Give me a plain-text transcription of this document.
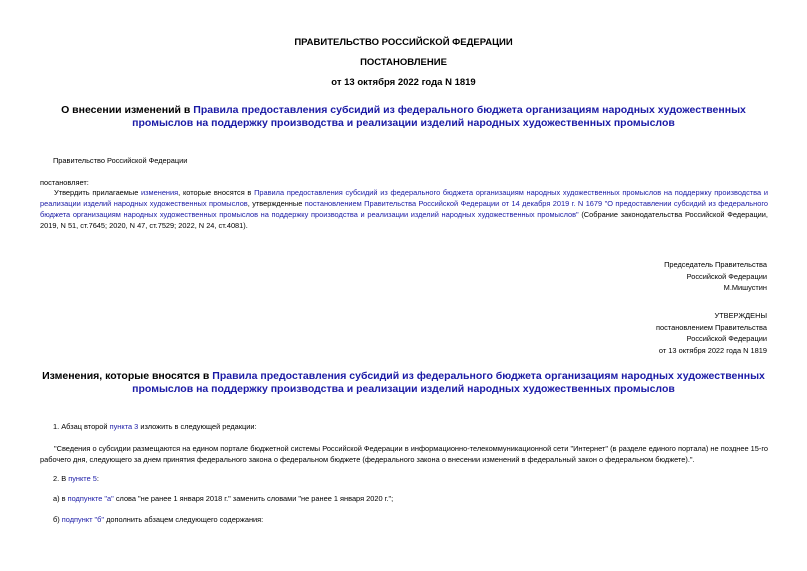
ПРАВИТЕЛЬСТВО РОССИЙСКОЙ ФЕДЕРАЦИИ
ПОСТАНОВЛЕНИЕ
от 13 октября 2022 года N 1819
О внесении изменений в Правила предоставления субсидий из федерального бюджета организациям народных художественных промыслов на поддержку производства и реализации изделий народных художественных промыслов
Правительство Российской Федерации
постановляет:
Утвердить прилагаемые изменения, которые вносятся в Правила предоставления субсидий из федерального бюджета организациям народных художественных промыслов на поддержку производства и реализации изделий народных художественных промыслов, утвержденные постановлением Правительства Российской Федерации от 14 декабря 2019 г. N 1679 "О предоставлении субсидий из федерального бюджета организациям народных художественных промыслов на поддержку производства и реализации изделий народных художественных промыслов" (Собрание законодательства Российской Федерации, 2019, N 51, ст.7645; 2020, N 47, ст.7529; 2022, N 24, ст.4081).
Председатель Правительства
Российской Федерации
М.Мишустин
УТВЕРЖДЕНЫ
постановлением Правительства
Российской Федерации
от 13 октября 2022 года N 1819
Изменения, которые вносятся в Правила предоставления субсидий из федерального бюджета организациям народных художественных промыслов на поддержку производства и реализации изделий народных художественных промыслов
1. Абзац второй пункта 3 изложить в следующей редакции:
"Сведения о субсидии размещаются на едином портале бюджетной системы Российской Федерации в информационно-телекоммуникационной сети "Интернет" (в разделе единого портала) не позднее 15-го рабочего дня, следующего за днем принятия федерального закона о федеральном бюджете (федерального закона о внесении изменений в федеральный закон о федеральном бюджете).".
2. В пункте 5:
а) в подпункте "а" слова "не ранее 1 января 2018 г." заменить словами "не ранее 1 января 2020 г.";
б) подпункт "б" дополнить абзацем следующего содержания:
